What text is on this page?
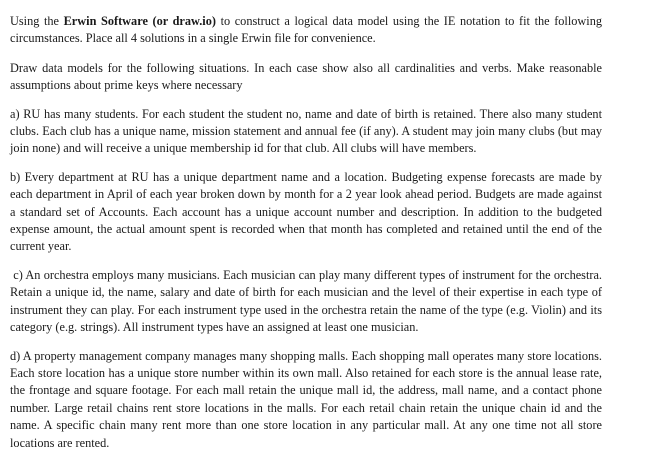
Using the Erwin Software (or draw.io) to construct a logical data model using the IE notation to fit the following circumstances. Place all 4 solutions in a single Erwin file for convenience.

Draw data models for the following situations. In each case show also all cardinalities and verbs. Make reasonable assumptions about prime keys where necessary

a) RU has many students. For each student the student no, name and date of birth is retained. There also many student clubs. Each club has a unique name, mission statement and annual fee (if any). A student may join many clubs (but may join none) and will receive a unique membership id for that club. All clubs will have members.

b) Every department at RU has a unique department name and a location. Budgeting expense forecasts are made by each department in April of each year broken down by month for a 2 year look ahead period. Budgets are made against a standard set of Accounts. Each account has a unique account number and description. In addition to the budgeted expense amount, the actual amount spent is recorded when that month has completed and retained until the end of the current year.

c) An orchestra employs many musicians. Each musician can play many different types of instrument for the orchestra. Retain a unique id, the name, salary and date of birth for each musician and the level of their expertise in each type of instrument they can play. For each instrument type used in the orchestra retain the name of the type (e.g. Violin) and its category (e.g. strings). All instrument types have an assigned at least one musician.

d) A property management company manages many shopping malls. Each shopping mall operates many store locations. Each store location has a unique store number within its own mall. Also retained for each store is the annual lease rate, the frontage and square footage. For each mall retain the unique mall id, the address, mall name, and a contact phone number. Large retail chains rent store locations in the malls. For each retail chain retain the unique chain id and the name. A specific chain many rent more than one store location in any particular mall. At any one time not all store locations are rented.
